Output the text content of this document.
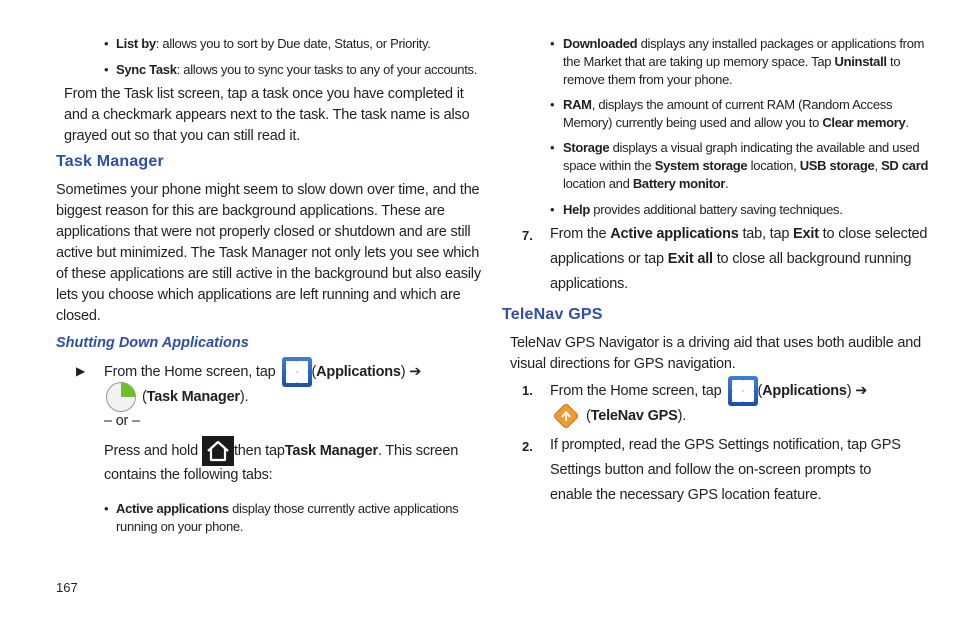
• List by: allows you to sort by Due date, Status, or Priority.
• Sync Task: allows you to sync your tasks to any of your accounts.
From the Task list screen, tap a task once you have completed it
and a checkmark appears next to the task. The task name is also
grayed out so that you can still read it.
Task Manager
Sometimes your phone might seem to slow down over time, and the
biggest reason for this are background applications. These are
applications that were not properly closed or shutdown and are still
active but minimized. The Task Manager not only lets you see which
of these applications are still active in the background but also easily
lets you choose which applications are left running and which are
closed.
Shutting Down Applications
▶ From the Home screen, tap ( Applications ) ➔
( Task Manager ).
– or –
Press and hold then tap Task Manager . This screen
contains the following tabs:
• Active applications display those currently active applications
running on your phone.
167
• Downloaded displays any installed packages or applications from
the Market that are taking up memory space. Tap Uninstall to
remove them from your phone.
• RAM, displays the amount of current RAM (Random Access
Memory) currently being used and allow you to Clear memory.
• Storage displays a visual graph indicating the available and used
space within the System storage location, USB storage, SD card
location and Battery monitor.
• Help provides additional battery saving techniques.
7. From the Active applications tab, tap Exit to close selected
applications or tap Exit all to close all background running
applications.
TeleNav GPS
TeleNav GPS Navigator is a driving aid that uses both audible and
visual directions for GPS navigation.
1. From the Home screen, tap ( Applications ) ➔
( TeleNav GPS ).
2. If prompted, read the GPS Settings notification, tap GPS
Settings button and follow the on-screen prompts to
enable the necessary GPS location feature.
